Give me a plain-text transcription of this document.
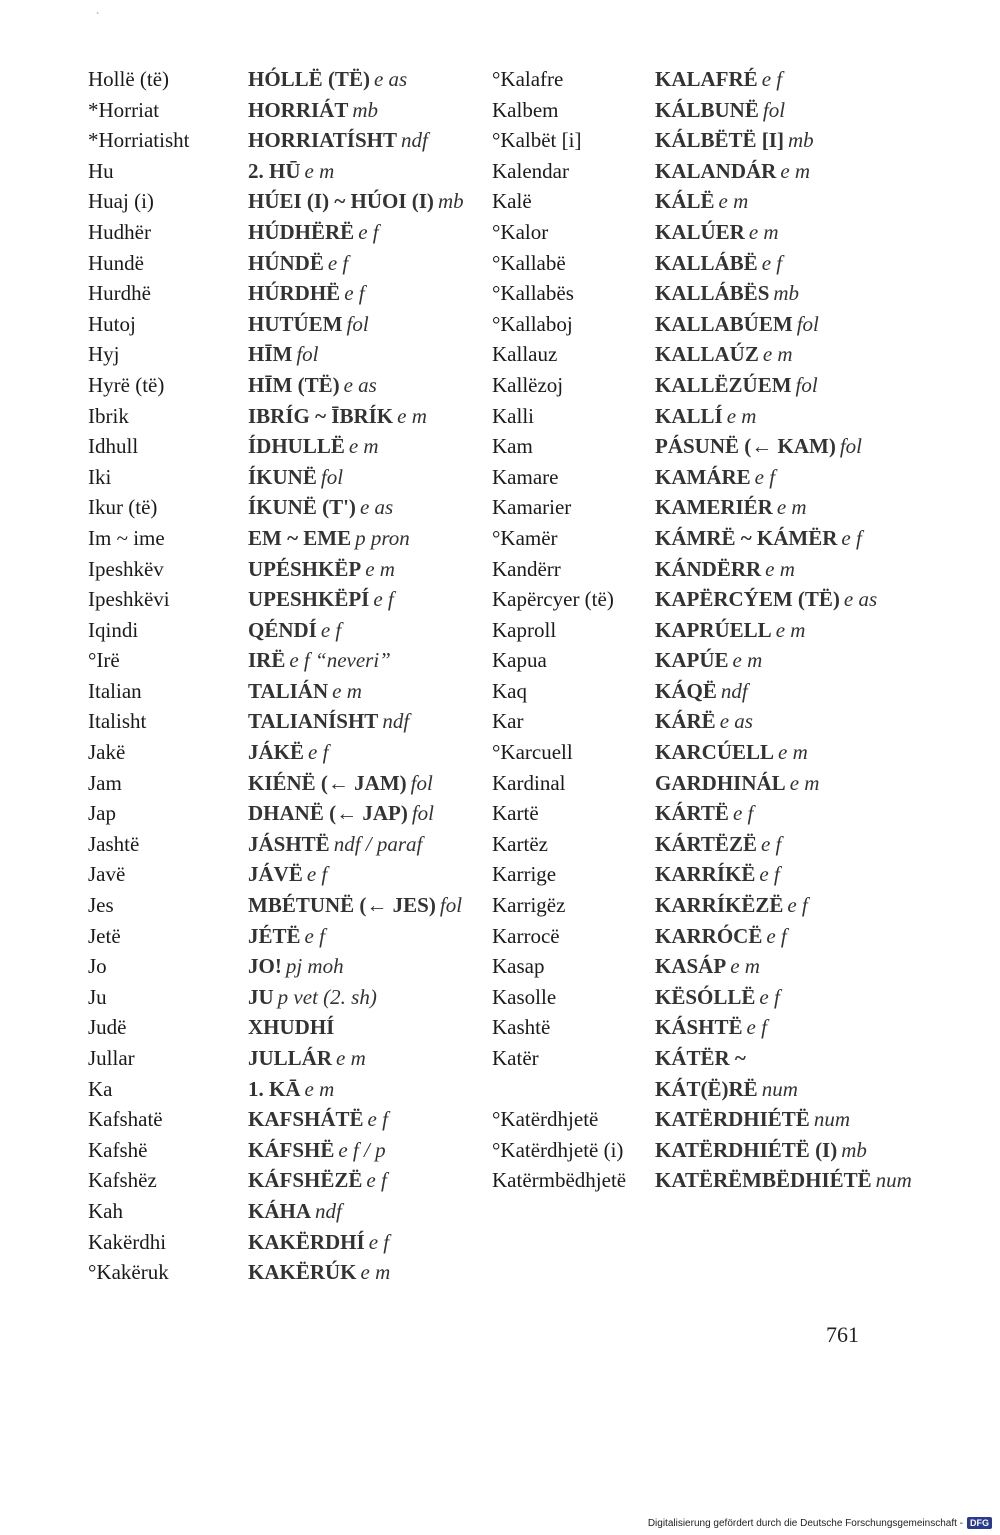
`
Hollë (të)	HÓLLË (TË) e as
*Horriat	HORRIÁT mb
*Horriatisht	HORRIATÍSHT ndf
Hu	2. HŪ e m
Huaj (i)	HÚEI (I) ~ HÚOI (I) mb
Hudhër	HÚDHËRË e f
Hundë	HÚNDË e f
Hurdhë	HÚRDHË e f
Hutoj	HUTÚEM fol
Hyj	HĪM fol
Hyrë (të)	HĪM (TË) e as
Ibrik	IBRÍG ~ ĪBRÍK e m
Idhull	ÍDHULLË e m
Iki	ÍKUNË fol
Ikur (të)	ÍKUNË (T') e as
Im ~ ime	EM ~ EME p pron
Ipeshkëv	UPÉSHKËP e m
Ipeshkëvi	UPESHKËPÍ e f
Iqindi	QÉNDÍ e f
°Irë	IRË e f “neveri”
Italian	TALIÁN e m
Italisht	TALIANÍSHT ndf
Jakë	JÁKË e f
Jam	KIÉNË (← JAM) fol
Jap	DHANË (← JAP) fol
Jashtë	JÁSHTË ndf / paraf
Javë	JÁVË e f
Jes	MBÉTUNË (← JES) fol
Jetë	JÉTË e f
Jo	JO! pj moh
Ju	JU p vet (2. sh)
Judë	XHUDHÍ
Jullar	JULLÁR e m
Ka	1. KĀ e m
Kafshatë	KAFSHÁTË e f
Kafshë	KÁFSHË e f / p
Kafshëz	KÁFSHËZË e f
Kah	KÁHA ndf
Kakërdhi	KAKËRDHÍ e f
°Kakëruk	KAKËRÚK e m
°Kalafre	KALAFRÉ e f
Kalbem	KÁLBUNË fol
°Kalbët [i]	KÁLBËTË [I] mb
Kalendar	KALANDÁR e m
Kalë	KÁLË e m
°Kalor	KALÚER e m
°Kallabë	KALLÁBË e f
°Kallabës	KALLÁBËS mb
°Kallaboj	KALLABÚEM fol
Kallauz	KALLAÚZ e m
Kallëzoj	KALLËZÚEM fol
Kalli	KALLÍ e m
Kam	PÁSUNË (← KAM) fol
Kamare	KAMÁRE e f
Kamarier	KAMERIÉR e m
°Kamër	KÁMRË ~ KÁMËR e f
Kandërr	KÁNDËRR e m
Kapërcyer (të)	KAPËRCÝEM (TË) e as
Kaproll	KAPRÚELL e m
Kapua	KAPÚE e m
Kaq	KÁQË ndf
Kar	KÁRË e as
°Karcuell	KARCÚELL e m
Kardinal	GARDHINÁL e m
Kartë	KÁRTË e f
Kartëz	KÁRTËZË e f
Karrige	KARRÍKË e f
Karrigëz	KARRÍKËZË e f
Karrocë	KARRÓCË e f
Kasap	KASÁP e m
Kasolle	KËSÓLLË e f
Kashtë	KÁSHTË e f
Katër	KÁTËR ~ KÁT(Ë)RË num
°Katërdhjetë	KATËRDHIÉTË num
°Katërdhjetë (i)	KATËRDHIÉTË (I) mb
Katërmbëdhjetë	KATËRËMBËDHIÉTË num
761
Digitalisierung gefördert durch die Deutsche Forschungsgemeinschaft - DFG
